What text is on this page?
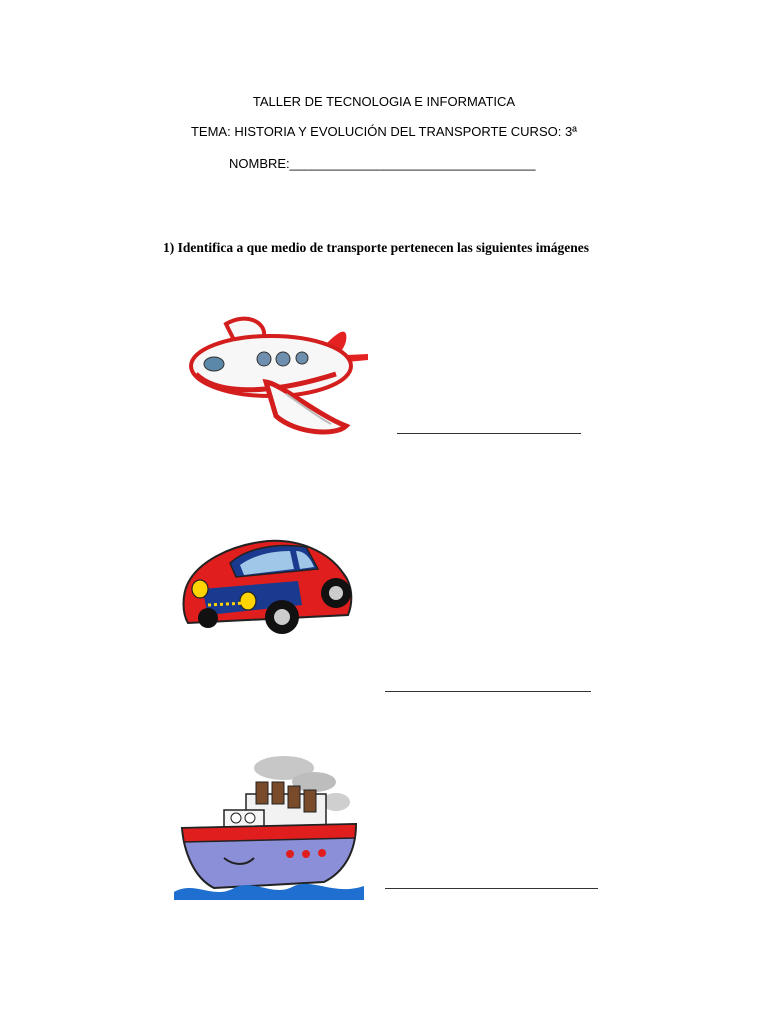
TALLER DE TECNOLOGIA E INFORMATICA
TEMA: HISTORIA Y EVOLUCIÓN DEL TRANSPORTE CURSO: 3ª
NOMBRE:__________________________________
1) Identifica a que medio de transporte pertenecen las siguientes imágenes
